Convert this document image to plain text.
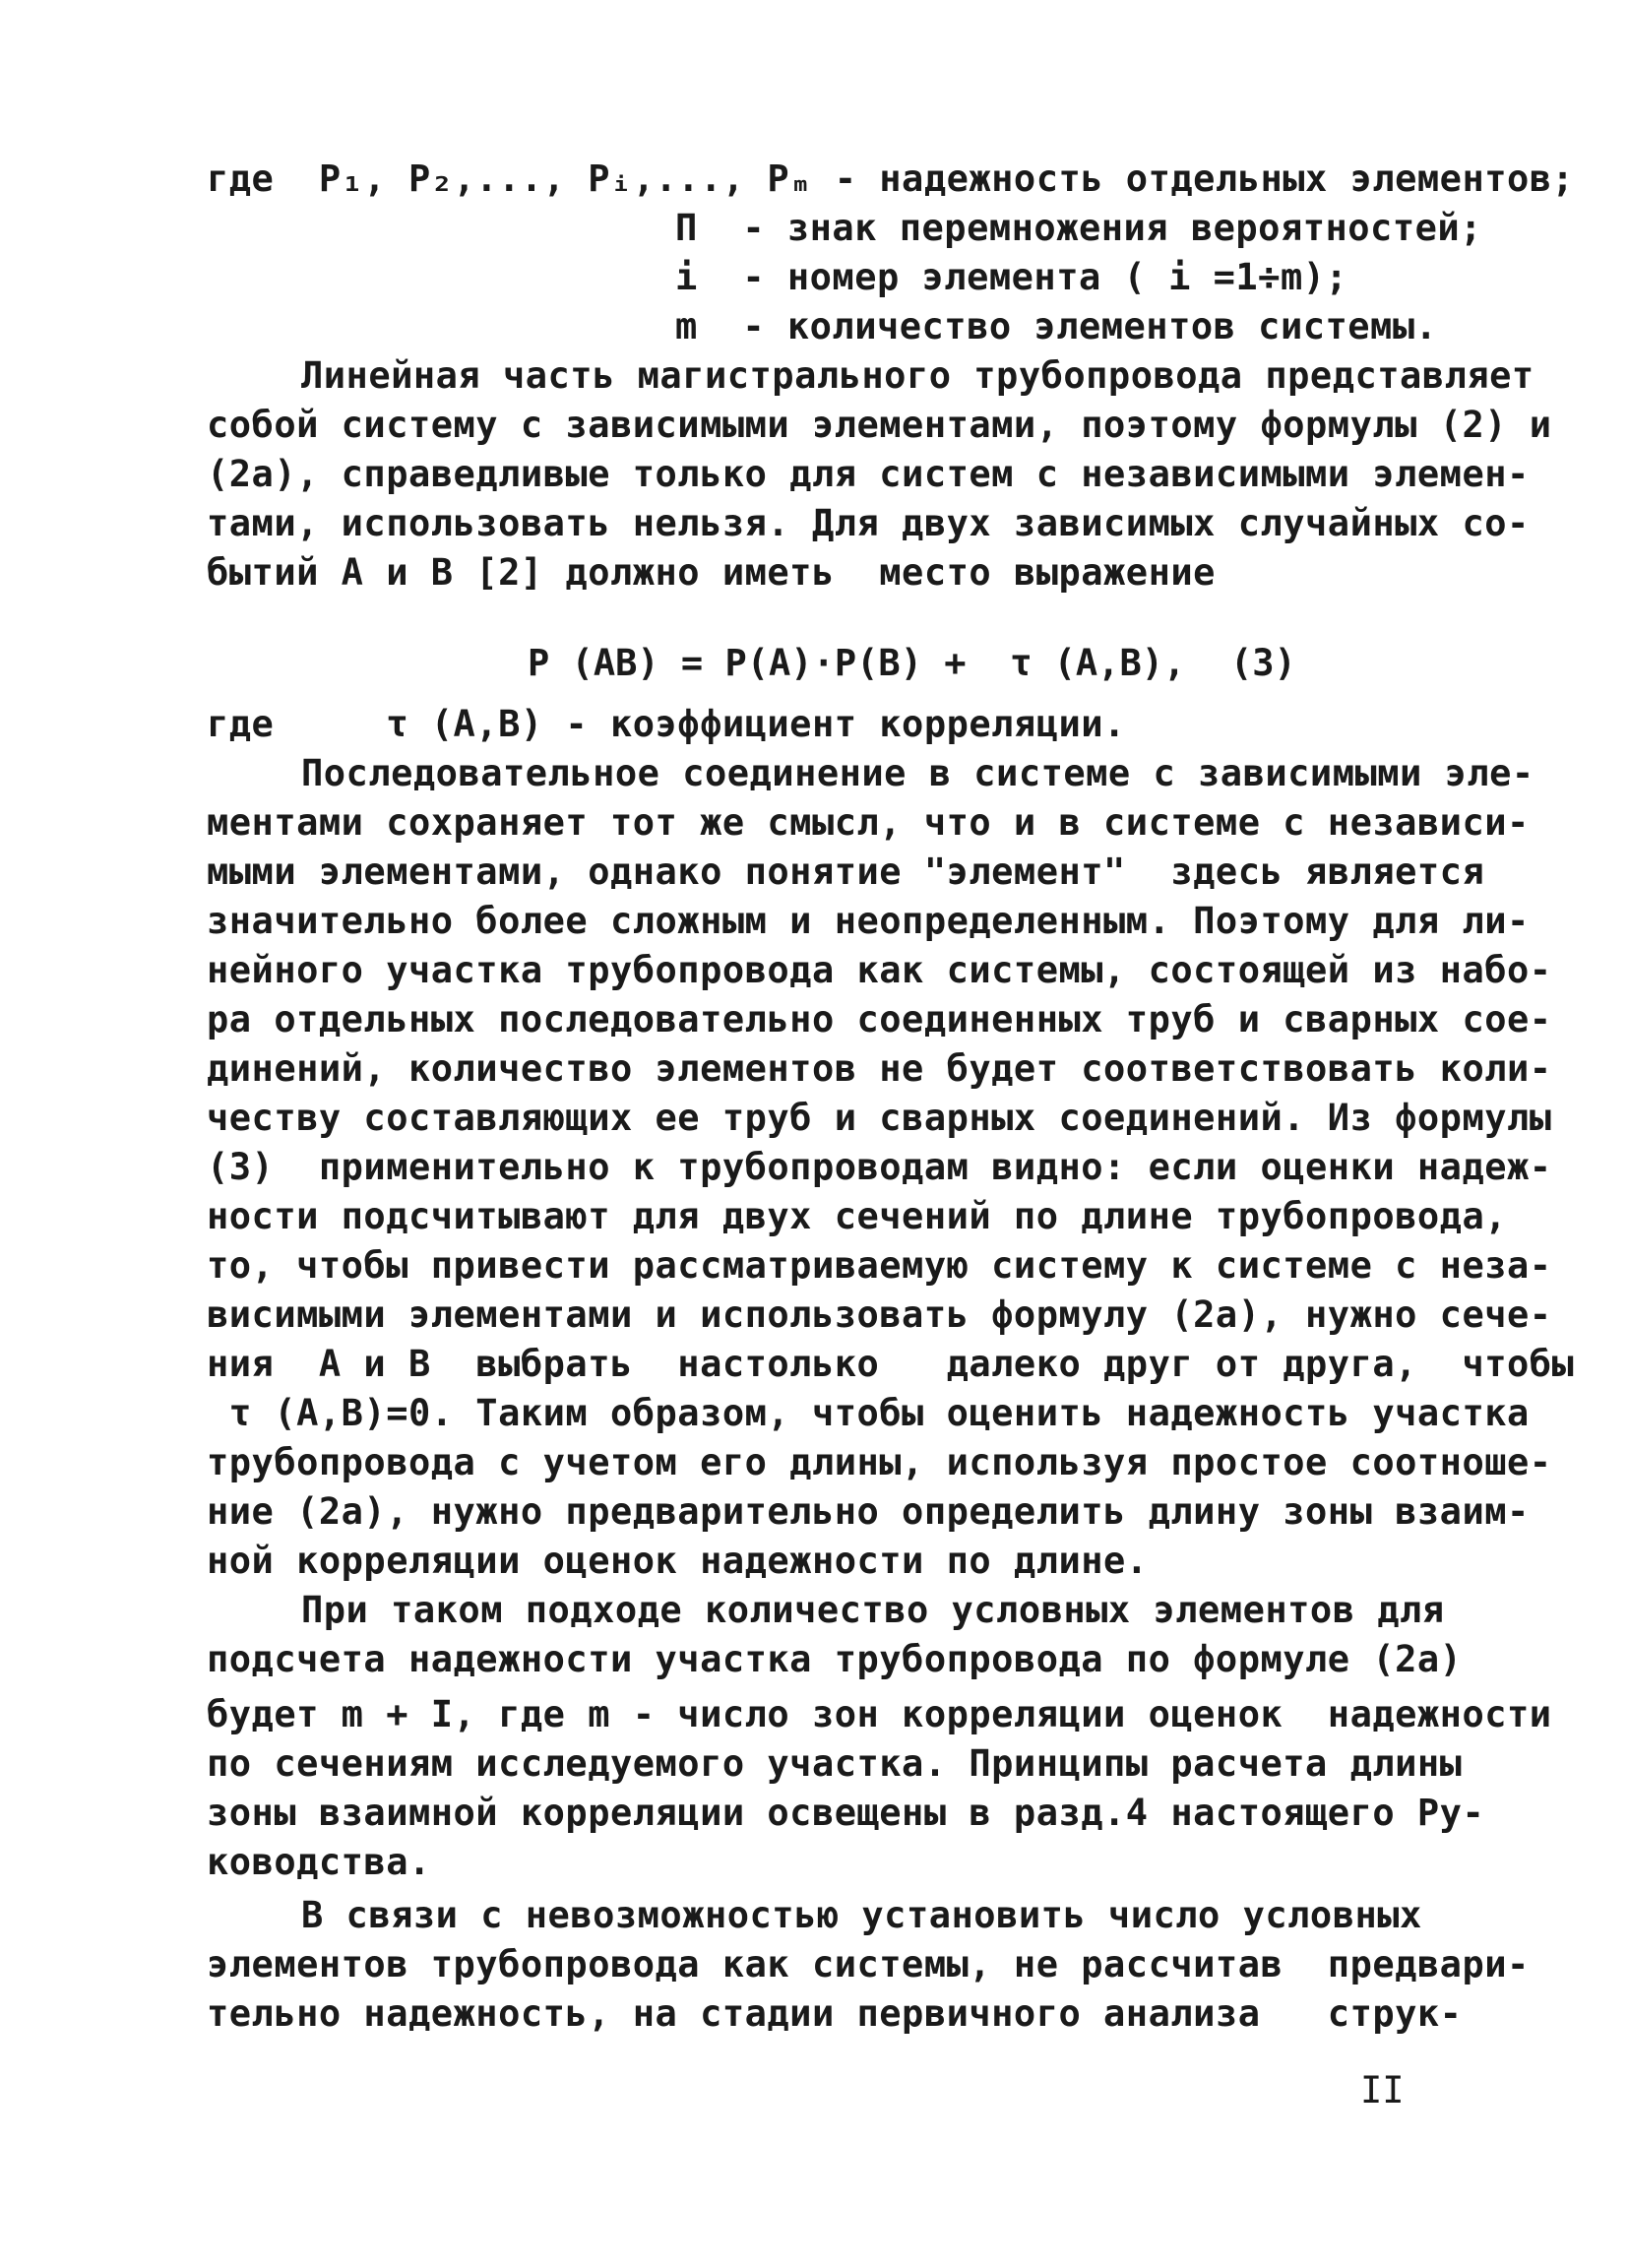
где  P₁, P₂,..., Pᵢ,..., Pₘ - надежность отдельных элементов;
П  - знак перемножения вероятностей;
i  - номер элемента ( i =1÷m);
m  - количество элементов системы.
Линейная часть магистрального трубопровода представляет
собой систему с зависимыми элементами, поэтому формулы (2) и
(2а), справедливые только для систем с независимыми элемен-
тами, использовать нельзя. Для двух зависимых случайных со-
бытий А и В [2] должно иметь  место выражение
Р (АВ) = Р(А)·Р(В) +  τ (А,В), (3)
где     τ (А,В) - коэффициент корреляции.
Последовательное соединение в системе с зависимыми эле-
ментами сохраняет тот же смысл, что и в системе с независи-
мыми элементами, однако понятие "элемент"  здесь является
значительно более сложным и неопределенным. Поэтому для ли-
нейного участка трубопровода как системы, состоящей из набо-
ра отдельных последовательно соединенных труб и сварных сое-
динений, количество элементов не будет соответствовать коли-
честву составляющих ее труб и сварных соединений. Из формулы
(3)  применительно к трубопроводам видно: если оценки надеж-
ности подсчитывают для двух сечений по длине трубопровода,
то, чтобы привести рассматриваемую систему к системе с неза-
висимыми элементами и использовать формулу (2а), нужно сече-
ния  А и В  выбрать  настолько   далеко друг от друга,  чтобы
τ (А,В)=0. Таким образом, чтобы оценить надежность участка
трубопровода с учетом его длины, используя простое соотноше-
ние (2а), нужно предварительно определить длину зоны взаим-
ной корреляции оценок надежности по длине.
При таком подходе количество условных элементов для
подсчета надежности участка трубопровода по формуле (2а)
будет m + I, где m - число зон корреляции оценок  надежности
по сечениям исследуемого участка. Принципы расчета длины
зоны взаимной корреляции освещены в разд.4 настоящего Ру-
ководства.
В связи с невозможностью установить число условных
элементов трубопровода как системы, не рассчитав  предвари-
тельно надежность, на стадии первичного анализа   струк-
II
